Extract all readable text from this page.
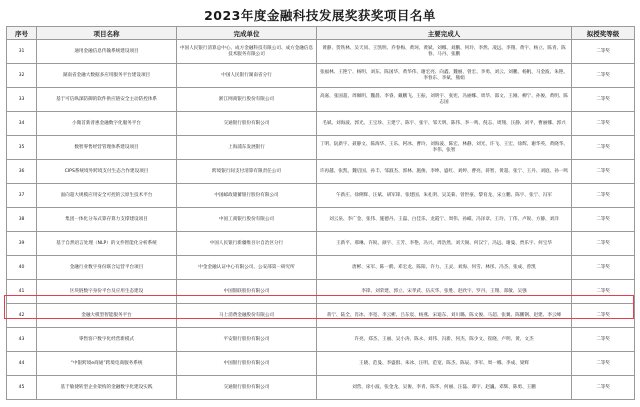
2023年度金融科技发展奖获奖项目名单
序号	项目名称	完成单位	主要完成人	拟授奖等级
31	通用金融信息传输系统建设项目	中国人民银行清算总中心、成方金融科技有限公司、成方金融信息技术服务有限公司	黄静、贺铁林、吴天同、王凯明、乔春梅、黄珂、黄斌、刘娜、刘鹏、何玲、李然、凌远、李翔、黄宇、杨立、陈青、陈春、马丹、张鹏	二等奖
32	湖南省金融大数据多应用服务平台建设项目	中国人民银行湖南省分行	张福林、王艳宁、杨明、刘东、陈国华、黄华伟、谢宏亮、向鑫、魏丽、曾宏、李勇、刘云、刘鹏、杨帆、马金波、朱艳、李春东、李斌、熊娟	二等奖
33	基于可信纵深防御的软件供应链安全主动防控体系	浙江网商银行股份有限公司	高嘉、张国超、周佩明、魏晨、李睿、戴鹏飞、王振、刘明宇、张宪、冯丽娜、周华、邵文、王刚、柳宁、孙俊、黄明、陈志国	二等奖
34	小微首新普惠金融数字化服务平台	交通银行股份有限公司	毛斌、刘海波、郭光、王宝珍、王建宁、陈宇、张宇、邹天明、陈伟、李一鸣、倪志、周翔、汪静、刘平、曹丽娜、郭兴	二等奖
35	数智零售经营管理体系建设项目	上海浦东发展银行	丁明、阮新宇、聂静文、陈海华、王乐、阿冰、曹玲、刘海波、陈宏、林静、刘光、许飞、王宏、徐辉、谢华英、黄晓华、李伟、张智	二等奖
36	CIPS系统境外跨境支付生态合作建设项目	跨境银行间支付清算有限责任公司	许再越、张凯、魏启国、孙丰、邹淑杰、郭林、施俊、李坤、盛红、刘婷、曹亮、蒋智、黄超、张宁、王丹、刘庭、孙一鸣	二等奖
37	面向超大规模应用安全可控的云原生技术平台	中国邮政储蓄银行股份有限公司	午新庄、徐俐辉、汪斌、胡军锋、张建国、朱礼明、吴美菊、曾世豪、黎育龙、宋立鹏、陈宇、张宁、冯军	二等奖
38	集团一体化分布式算存算力支撑建设项目	中国工商银行股份有限公司	刘云泉、李广金、张伟、施德丹、王磊、白佳乐、龙霞宁、周伟、孙嵘、冯泽章、王玲、丁伟、卢锐、方静、刘洋	二等奖
39	基于自然语言处理（NLP）的文件智能化分析系统	中国人民银行新疆维吾尔自治区分行	王新平、邢琳、许锐、颜宇、王芳、李艳、冯兴、周浩然、刘天锡、何汉宁、冯远、谢曼、贾乐宇、何宝华	二等奖
40	金融行业数字身份联合运营平台项目	中金金融认证中心有限公司、公安部第一研究所	唐彬、宋军、陈一鹤、邓宏龙、陈阳、许力、王灵、刘海、何雪、林彤、冯杰、张成、曾凯	二等奖
41	区块链数字身份平台及应用生态建设	中国银联股份有限公司	李锋、刘荣建、郭立、宋孝武、伍庆华、张胜、赵欣宇、罗丹、王翔、郑敏、吴强	二等奖
42	金融大模型智能服务平台	马上消费金融股份有限公司	蒋宁、陆全、肖冰、李宽、李云彬、吕东宸、杨燕、宋迪东、刘川璐、陈文俊、马超、张翼、陈鹏钢、赵建、李云峰	二等奖
43	零售客户数字化经营新模式	平安银行股份有限公司	许亮、郑杰、王丽、吴小涛、陈永、刘伟、冯新、何杰、陈少文、崔晓、卢明、黄、文杰	二等奖
44	“中银跨境e商通”跨境电商服务系统	中国银行股份有限公司	王晓、范曼、李盛群、朱冰、汪明、范宽、陈杰、陈辰、李军、周一娜、李成、梁辉	二等奖
45	基于敏捷转型企业架构的金融数字化建设实践	交通银行股份有限公司	刘营、徐小波、张金龙、吴俊、李青、陈华、何丽、汪磊、谭宇、赵巍、邓辉、陈勇、王鹏	二等奖
